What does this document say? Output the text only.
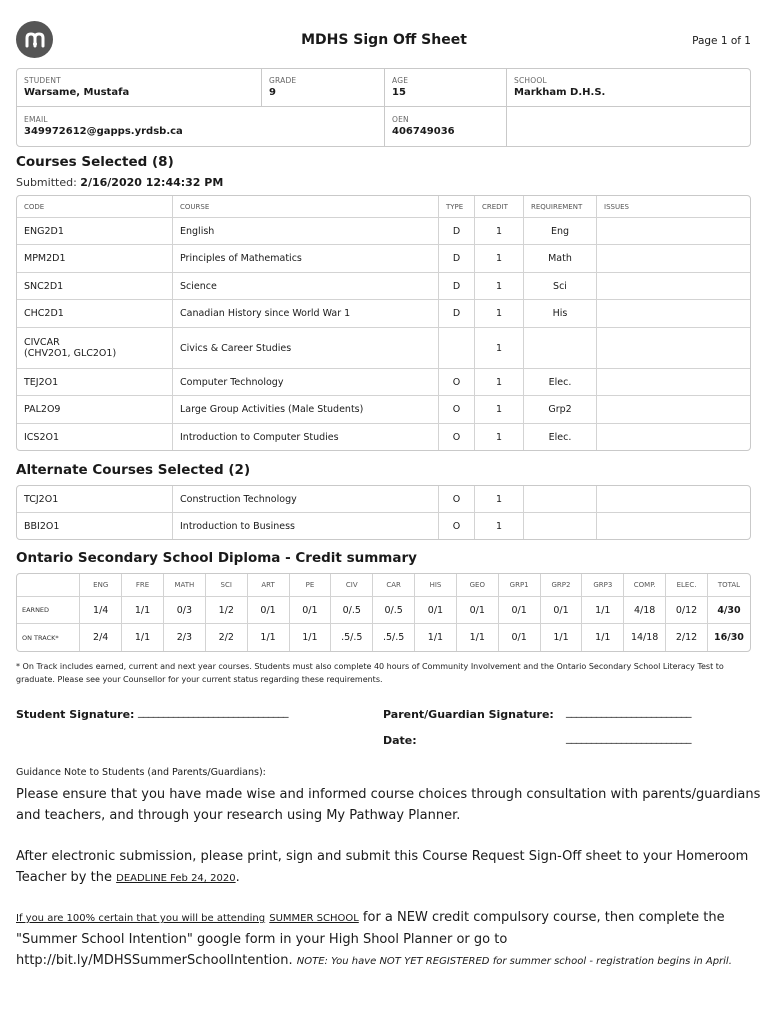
MDHS Sign Off Sheet	Page 1 of 1
STUDENT
Warsame, Mustafa
GRADE
9
AGE
15
SCHOOL
Markham D.H.S.
EMAIL
349972612@gapps.yrdsb.ca
OEN
406749036
Courses Selected (8)
Submitted: 2/16/2020 12:44:32 PM
CODE	COURSE	TYPE	CREDIT	REQUIREMENT	ISSUES
ENG2D1	English	D	1	Eng	
MPM2D1	Principles of Mathematics	D	1	Math	
SNC2D1	Science	D	1	Sci	
CHC2D1	Canadian History since World War 1	D	1	His	

CIVCAR
(CHV2O1, GLC2O1)	Civics & Career Studies		1		
TEJ2O1	Computer Technology	O	1	Elec.	
PAL2O9	Large Group Activities (Male Students)	O	1	Grp2	
ICS2O1	Introduction to Computer Studies	O	1	Elec.	
Alternate Courses Selected (2)
TCJ2O1	Construction Technology	O	1		
BBI2O1	Introduction to Business	O	1		
Ontario Secondary School Diploma - Credit summary
	ENG	FRE	MATH	SCI	ART	PE	CIV	CAR	HIS	GEO	GRP1	GRP2	GRP3	COMP.	ELEC.	TOTAL
EARNED	1/4	1/1	0/3	1/2	0/1	0/1	0/.5	0/.5	0/1	0/1	0/1	0/1	1/1	4/18	0/12	4/30
ON TRACK*	2/4	1/1	2/3	2/2	1/1	1/1	.5/.5	.5/.5	1/1	1/1	0/1	1/1	1/1	14/18	2/12	16/30
* On Track includes earned, current and next year courses. Students must also complete 40 hours of Community Involvement and the Ontario Secondary School Literacy Test to graduate. Please see your Counsellor for your current status regarding these requirements.
Student Signature: ______________________________	Parent/Guardian Signature: _________________________
Date:	_________________________
Guidance Note to Students (and Parents/Guardians):
Please ensure that you have made wise and informed course choices through consultation with parents/guardians and teachers, and through your research using My Pathway Planner.
After electronic submission, please print, sign and submit this Course Request Sign-Off sheet to your Homeroom Teacher by the DEADLINE Feb 24, 2020.
If you are 100% certain that you will be attending SUMMER SCHOOL for a NEW credit compulsory course, then complete the "Summer School Intention" google form in your High Shool Planner or go to http://bit.ly/MDHSSummerSchoolIntention. NOTE: You have NOT YET REGISTERED for summer school - registration begins in April.
